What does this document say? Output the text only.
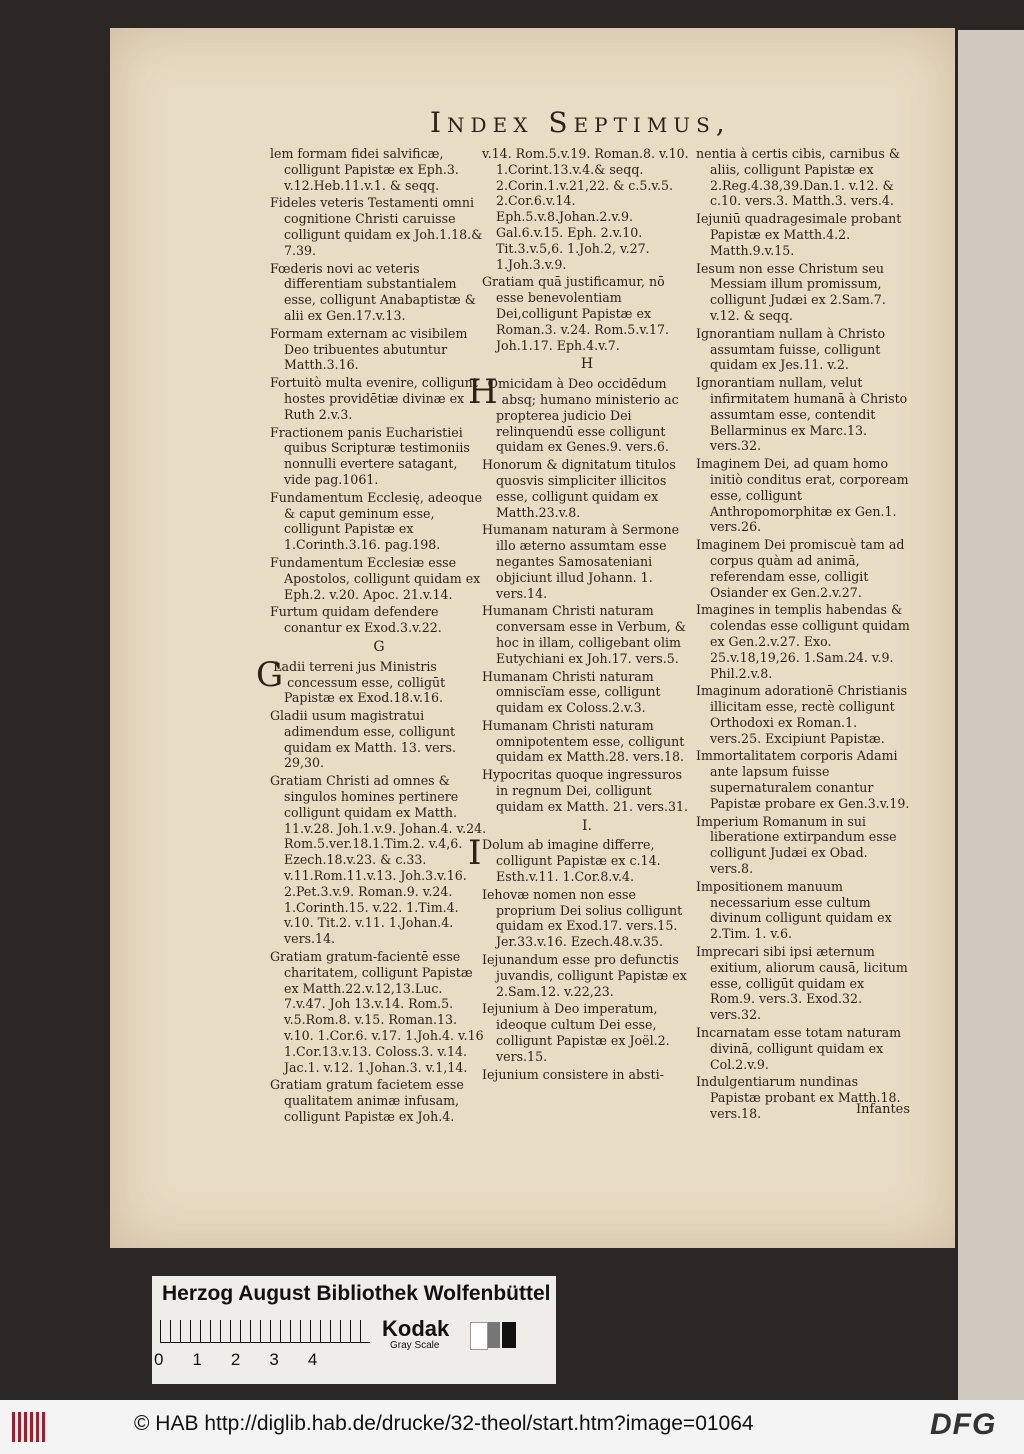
Index Septimus,

lem formam fidei salvificæ, colligunt Papistæ ex Eph.3. v.12.Heb.11.v.1. & seqq.

Fideles veteris Testamenti omni cognitione Christi caruisse colligunt quidam ex Joh.1.18.& 7.39.

Fœderis novi ac veteris differentiam substantialem esse, colligunt Anabaptistæ & alii ex Gen.17.v.13.

Formam externam ac visibilem Deo tribuentes abutuntur Matth.3.16.

Fortuitò multa evenire, colligunt hostes providētiæ divinæ ex Ruth 2.v.3.

Fractionem panis Eucharistiei quibus Scripturæ testimoniis nonnulli evertere satagant, vide pag.1061.

Fundamentum Ecclesię, adeoque & caput geminum esse, colligunt Papistæ ex 1.Corinth.3.16. pag.198.

Fundamentum Ecclesiæ esse Apostolos, colligunt quidam ex Eph.2. v.20. Apoc. 21.v.14.

Furtum quidam defendere conantur ex Exod.3.v.22.

G

G
Ladii terreni jus Ministris concessum esse, colligūt Papistæ ex Exod.18.v.16.

Gladii usum magistratui adimendum esse, colligunt quidam ex Matth. 13. vers. 29,30.

Gratiam Christi ad omnes & singulos homines pertinere colligunt quidam ex Matth. 11.v.28. Joh.1.v.9. Johan.4. v.24. Rom.5.ver.18.1.Tim.2. v.4,6. Ezech.18.v.23. & c.33. v.11.Rom.11.v.13. Joh.3.v.16. 2.Pet.3.v.9. Roman.9. v.24. 1.Corinth.15. v.22. 1.Tim.4. v.10. Tit.2. v.11. 1.Johan.4. vers.14.

Gratiam gratum-facientē esse charitatem, colligunt Papistæ ex Matth.22.v.12,13.Luc. 7.v.47. Joh 13.v.14. Rom.5. v.5.Rom.8. v.15. Roman.13. v.10. 1.Cor.6. v.17. 1.Joh.4. v.16 1.Cor.13.v.13. Coloss.3. v.14. Jac.1. v.12. 1.Johan.3. v.1,14.

Gratiam gratum facietem esse qualitatem animæ infusam, colligunt Papistæ ex Joh.4.

v.14. Rom.5.v.19. Roman.8. v.10. 1.Corint.13.v.4.& seqq. 2.Corin.1.v.21,22. & c.5.v.5. 2.Cor.6.v.14. Eph.5.v.8.Johan.2.v.9. Gal.6.v.15. Eph. 2.v.10. Tit.3.v.5,6. 1.Joh.2, v.27. 1.Joh.3.v.9.

Gratiam quā justificamur, nō esse benevolentiam Dei,colligunt Papistæ ex Roman.3. v.24. Rom.5.v.17. Joh.1.17. Eph.4.v.7.

H

H
Omicidam à Deo occidēdum absq; humano ministerio ac propterea judicio Dei relinquendū esse colligunt quidam ex Genes.9. vers.6.

Honorum & dignitatum titulos quosvis simpliciter illicitos esse, colligunt quidam ex Matth.23.v.8.

Humanam naturam à Sermone illo æterno assumtam esse negantes Samosateniani objiciunt illud Johann. 1. vers.14.

Humanam Christi naturam conversam esse in Verbum, & hoc in illam, colligebant olim Eutychiani ex Joh.17. vers.5.

Humanam Christi naturam omniscïam esse, colligunt quidam ex Coloss.2.v.3.

Humanam Christi naturam omnipotentem esse, colligunt quidam ex Matth.28. vers.18.

Hypocritas quoque ingressuros in regnum Dei, colligunt quidam ex Matth. 21. vers.31.

I.

Dolum ab imagine differre, colligunt Papistæ ex c.14. Esth.v.11. 1.Cor.8.v.4.

Iehovæ nomen non esse proprium Dei solius colligunt quidam ex Exod.17. vers.15. Jer.33.v.16. Ezech.48.v.35.

Iejunandum esse pro defunctis juvandis, colligunt Papistæ ex 2.Sam.12. v.22,23.

Iejunium à Deo imperatum, ideoque cultum Dei esse, colligunt Papistæ ex Joël.2. vers.15.

Iejunium consistere in absti-

nentia à certis cibis, carnibus & aliis, colligunt Papistæ ex 2.Reg.4.38,39.Dan.1. v.12. & c.10. vers.3. Matth.3. vers.4.

Iejuniū quadragesimale probant Papistæ ex Matth.4.2. Matth.9.v.15.

Iesum non esse Christum seu Messiam illum promissum, colligunt Judæi ex 2.Sam.7. v.12. & seqq.

Ignorantiam nullam à Christo assumtam fuisse, colligunt quidam ex Jes.11. v.2.

Ignorantiam nullam, velut infirmitatem humanā à Christo assumtam esse, contendit Bellarminus ex Marc.13. vers.32.

Imaginem Dei, ad quam homo initiò conditus erat, corpoream esse, colligunt Anthropomorphitæ ex Gen.1. vers.26.

Imaginem Dei promiscuè tam ad corpus quàm ad animā, referendam esse, colligit Osiander ex Gen.2.v.27.

Imagines in templis habendas & colendas esse colligunt quidam ex Gen.2.v.27. Exo. 25.v.18,19,26. 1.Sam.24. v.9. Phil.2.v.8.

Imaginum adorationē Christianis illicitam esse, rectè colligunt Orthodoxi ex Roman.1. vers.25. Excipiunt Papistæ.

Immortalitatem corporis Adami ante lapsum fuisse supernaturalem conantur Papistæ probare ex Gen.3.v.19.

Imperium Romanum in sui liberatione extirpandum esse colligunt Judæi ex Obad. vers.8.

Impositionem manuum necessarium esse cultum divinum colligunt quidam ex 2.Tim. 1. v.6.

Imprecari sibi ipsi æternum exitium, aliorum causā, licitum esse, colligūt quidam ex Rom.9. vers.3. Exod.32. vers.32.

Incarnatam esse totam naturam divinā, colligunt quidam ex Col.2.v.9.

Indulgentiarum nundinas Papistæ probant ex Matth.18. vers.18.	Infantes
Herzog August Bibliothek Wolfenbüttel
01234
Kodak
Gray Scale
© HAB http://diglib.hab.de/drucke/32-theol/start.htm?image=01064	DFG
